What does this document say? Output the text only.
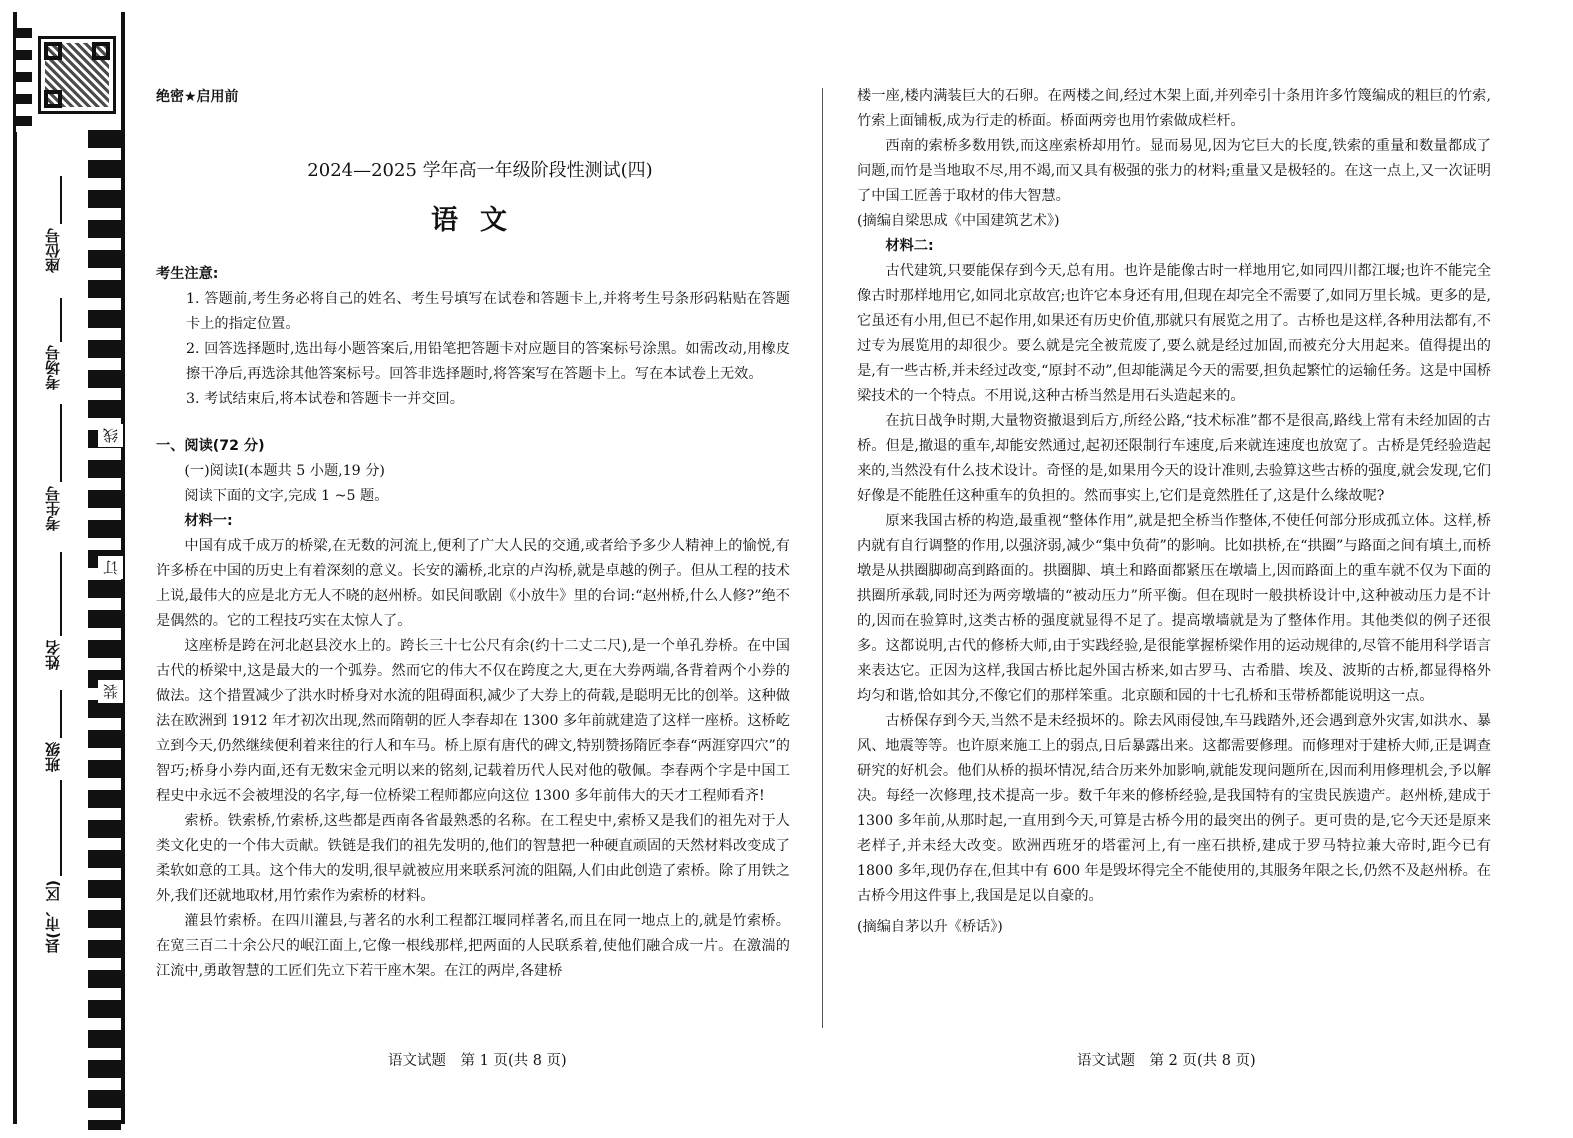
座位号
考场号
考生号
姓名
班级
县(市、区)
线
订
装
绝密★启用前
2024—2025 学年高一年级阶段性测试(四)
语文

考生注意:

1. 答题前,考生务必将自己的姓名、考生号填写在试卷和答题卡上,并将考生号条形码粘贴在答题卡上的指定位置。

2. 回答选择题时,选出每小题答案后,用铅笔把答题卡对应题目的答案标号涂黑。如需改动,用橡皮擦干净后,再选涂其他答案标号。回答非选择题时,将答案写在答题卡上。写在本试卷上无效。

3. 考试结束后,将本试卷和答题卡一并交回。

一、阅读(72 分)

(一)阅读Ⅰ(本题共 5 小题,19 分)

阅读下面的文字,完成 1 ~5 题。

材料一:

中国有成千成万的桥梁,在无数的河流上,便利了广大人民的交通,或者给予多少人精神上的愉悦,有许多桥在中国的历史上有着深刻的意义。长安的灞桥,北京的卢沟桥,就是卓越的例子。但从工程的技术上说,最伟大的应是北方无人不晓的赵州桥。如民间歌剧《小放牛》里的台词:“赵州桥,什么人修?”绝不是偶然的。它的工程技巧实在太惊人了。

这座桥是跨在河北赵县洨水上的。跨长三十七公尺有余(约十二丈二尺),是一个单孔券桥。在中国古代的桥梁中,这是最大的一个弧券。然而它的伟大不仅在跨度之大,更在大券两端,各背着两个小券的做法。这个措置减少了洪水时桥身对水流的阻碍面积,减少了大券上的荷载,是聪明无比的创举。这种做法在欧洲到 1912 年才初次出现,然而隋朝的匠人李春却在 1300 多年前就建造了这样一座桥。这桥屹立到今天,仍然继续便利着来往的行人和车马。桥上原有唐代的碑文,特别赞扬隋匠李春“两涯穿四穴”的智巧;桥身小券内面,还有无数宋金元明以来的铭刻,记载着历代人民对他的敬佩。李春两个字是中国工程史中永远不会被埋没的名字,每一位桥梁工程师都应向这位 1300 多年前伟大的天才工程师看齐!

索桥。铁索桥,竹索桥,这些都是西南各省最熟悉的名称。在工程史中,索桥又是我们的祖先对于人类文化史的一个伟大贡献。铁链是我们的祖先发明的,他们的智慧把一种硬直顽固的天然材料改变成了柔软如意的工具。这个伟大的发明,很早就被应用来联系河流的阻隔,人们由此创造了索桥。除了用铁之外,我们还就地取材,用竹索作为索桥的材料。

灌县竹索桥。在四川灌县,与著名的水利工程都江堰同样著名,而且在同一地点上的,就是竹索桥。在宽三百二十余公尺的岷江面上,它像一根线那样,把两面的人民联系着,使他们融合成一片。在激湍的江流中,勇敢智慧的工匠们先立下若干座木架。在江的两岸,各建桥

楼一座,楼内满装巨大的石卵。在两楼之间,经过木架上面,并列牵引十条用许多竹篾编成的粗巨的竹索,竹索上面铺板,成为行走的桥面。桥面两旁也用竹索做成栏杆。

西南的索桥多数用铁,而这座索桥却用竹。显而易见,因为它巨大的长度,铁索的重量和数量都成了问题,而竹是当地取不尽,用不竭,而又具有极强的张力的材料;重量又是极轻的。在这一点上,又一次证明了中国工匠善于取材的伟大智慧。

(摘编自梁思成《中国建筑艺术》)

材料二:

古代建筑,只要能保存到今天,总有用。也许是能像古时一样地用它,如同四川都江堰;也许不能完全像古时那样地用它,如同北京故宫;也许它本身还有用,但现在却完全不需要了,如同万里长城。更多的是,它虽还有小用,但已不起作用,如果还有历史价值,那就只有展览之用了。古桥也是这样,各种用法都有,不过专为展览用的却很少。要么就是完全被荒废了,要么就是经过加固,而被充分大用起来。值得提出的是,有一些古桥,并未经过改变,“原封不动”,但却能满足今天的需要,担负起繁忙的运输任务。这是中国桥梁技术的一个特点。不用说,这种古桥当然是用石头造起来的。

在抗日战争时期,大量物资撤退到后方,所经公路,“技术标准”都不是很高,路线上常有未经加固的古桥。但是,撤退的重车,却能安然通过,起初还限制行车速度,后来就连速度也放宽了。古桥是凭经验造起来的,当然没有什么技术设计。奇怪的是,如果用今天的设计准则,去验算这些古桥的强度,就会发现,它们好像是不能胜任这种重车的负担的。然而事实上,它们是竟然胜任了,这是什么缘故呢?

原来我国古桥的构造,最重视“整体作用”,就是把全桥当作整体,不使任何部分形成孤立体。这样,桥内就有自行调整的作用,以强济弱,减少“集中负荷”的影响。比如拱桥,在“拱圈”与路面之间有填土,而桥墩是从拱圈脚砌高到路面的。拱圈脚、填土和路面都紧压在墩墙上,因而路面上的重车就不仅为下面的拱圈所承载,同时还为两旁墩墙的“被动压力”所平衡。但在现时一般拱桥设计中,这种被动压力是不计的,因而在验算时,这类古桥的强度就显得不足了。提高墩墙就是为了整体作用。其他类似的例子还很多。这都说明,古代的修桥大师,由于实践经验,是很能掌握桥梁作用的运动规律的,尽管不能用科学语言来表达它。正因为这样,我国古桥比起外国古桥来,如古罗马、古希腊、埃及、波斯的古桥,都显得格外均匀和谐,恰如其分,不像它们的那样笨重。北京颐和园的十七孔桥和玉带桥都能说明这一点。

古桥保存到今天,当然不是未经损坏的。除去风雨侵蚀,车马践踏外,还会遇到意外灾害,如洪水、暴风、地震等等。也许原来施工上的弱点,日后暴露出来。这都需要修理。而修理对于建桥大师,正是调查研究的好机会。他们从桥的损坏情况,结合历来外加影响,就能发现问题所在,因而利用修理机会,予以解决。每经一次修理,技术提高一步。数千年来的修桥经验,是我国特有的宝贵民族遗产。赵州桥,建成于 1300 多年前,从那时起,一直用到今天,可算是古桥今用的最突出的例子。更可贵的是,它今天还是原来老样子,并未经大改变。欧洲西班牙的塔霍河上,有一座石拱桥,建成于罗马特拉兼大帝时,距今已有 1800 多年,现仍存在,但其中有 600 年是毁坏得完全不能使用的,其服务年限之长,仍然不及赵州桥。在古桥今用这件事上,我国是足以自豪的。

(摘编自茅以升《桥话》)

语文试题　第 1 页(共 8 页)	语文试题　第 2 页(共 8 页)
